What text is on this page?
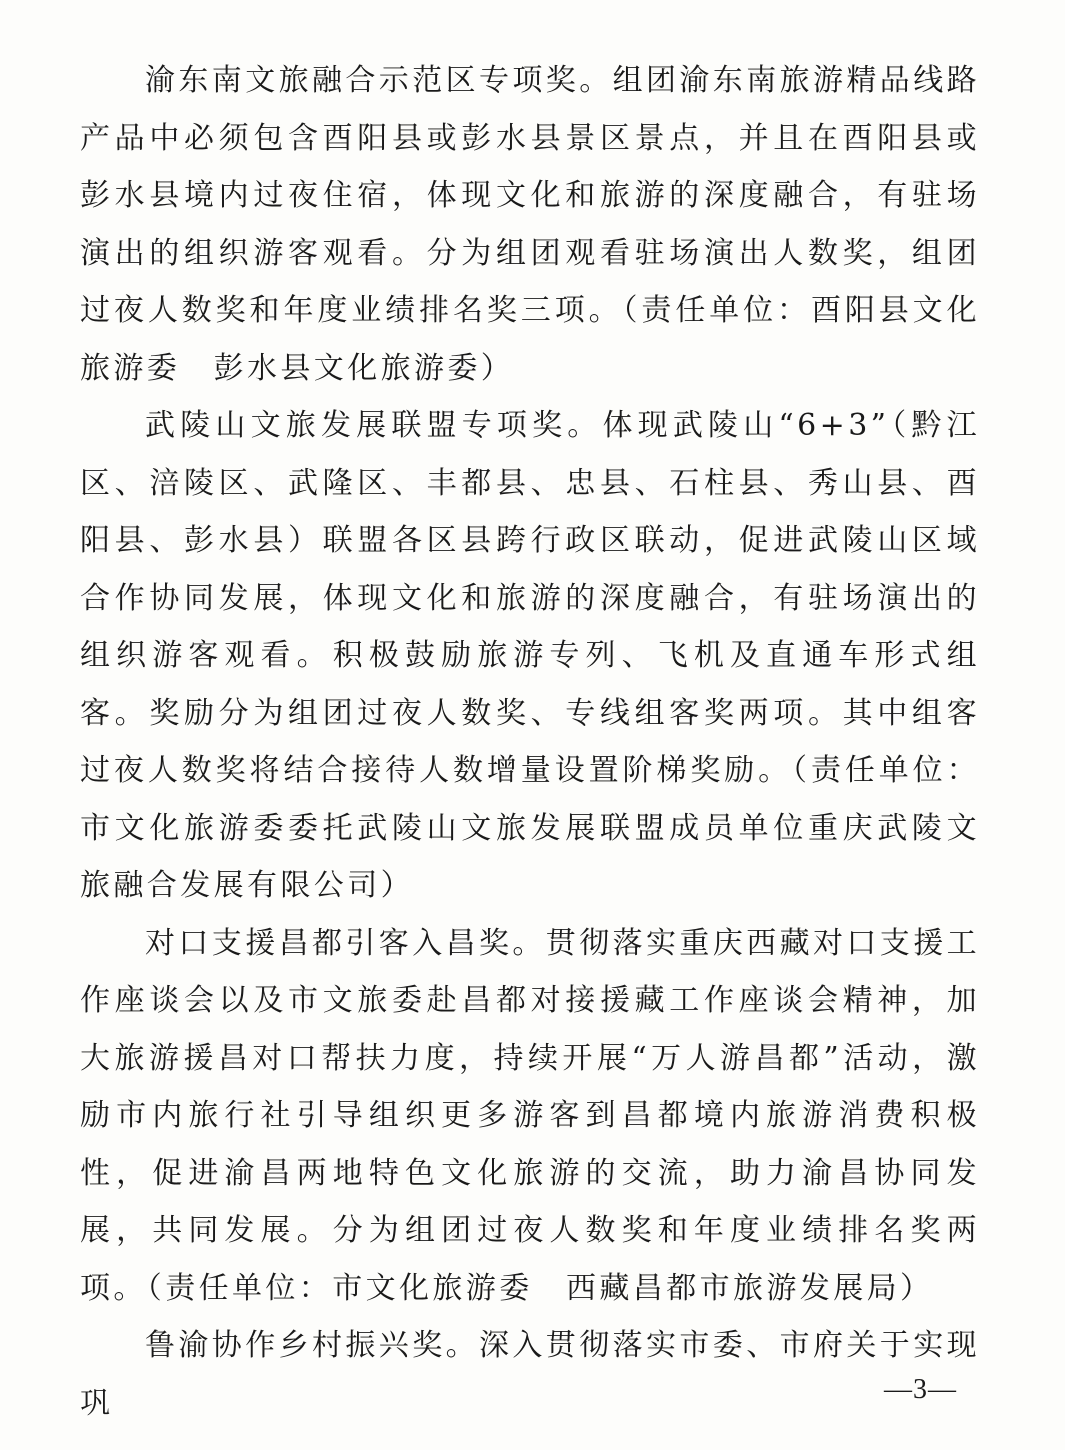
渝东南文旅融合示范区专项奖。组团渝东南旅游精品线路产品中必须包含酉阳县或彭水县景区景点，并且在酉阳县或彭水县境内过夜住宿，体现文化和旅游的深度融合，有驻场演出的组织游客观看。分为组团观看驻场演出人数奖，组团过夜人数奖和年度业绩排名奖三项。（责任单位：酉阳县文化旅游委　彭水县文化旅游委）

武陵山文旅发展联盟专项奖。体现武陵山“6+3”（黔江区、涪陵区、武隆区、丰都县、忠县、石柱县、秀山县、酉阳县、彭水县）联盟各区县跨行政区联动，促进武陵山区域合作协同发展，体现文化和旅游的深度融合，有驻场演出的组织游客观看。积极鼓励旅游专列、飞机及直通车形式组客。奖励分为组团过夜人数奖、专线组客奖两项。其中组客过夜人数奖将结合接待人数增量设置阶梯奖励。（责任单位：市文化旅游委委托武陵山文旅发展联盟成员单位重庆武陵文旅融合发展有限公司）

对口支援昌都引客入昌奖。贯彻落实重庆西藏对口支援工作座谈会以及市文旅委赴昌都对接援藏工作座谈会精神，加大旅游援昌对口帮扶力度，持续开展“万人游昌都”活动，激励市内旅行社引导组织更多游客到昌都境内旅游消费积极性，促进渝昌两地特色文化旅游的交流，助力渝昌协同发展，共同发展。分为组团过夜人数奖和年度业绩排名奖两项。（责任单位：市文化旅游委　西藏昌都市旅游发展局）

鲁渝协作乡村振兴奖。深入贯彻落实市委、市府关于实现巩	—3—
